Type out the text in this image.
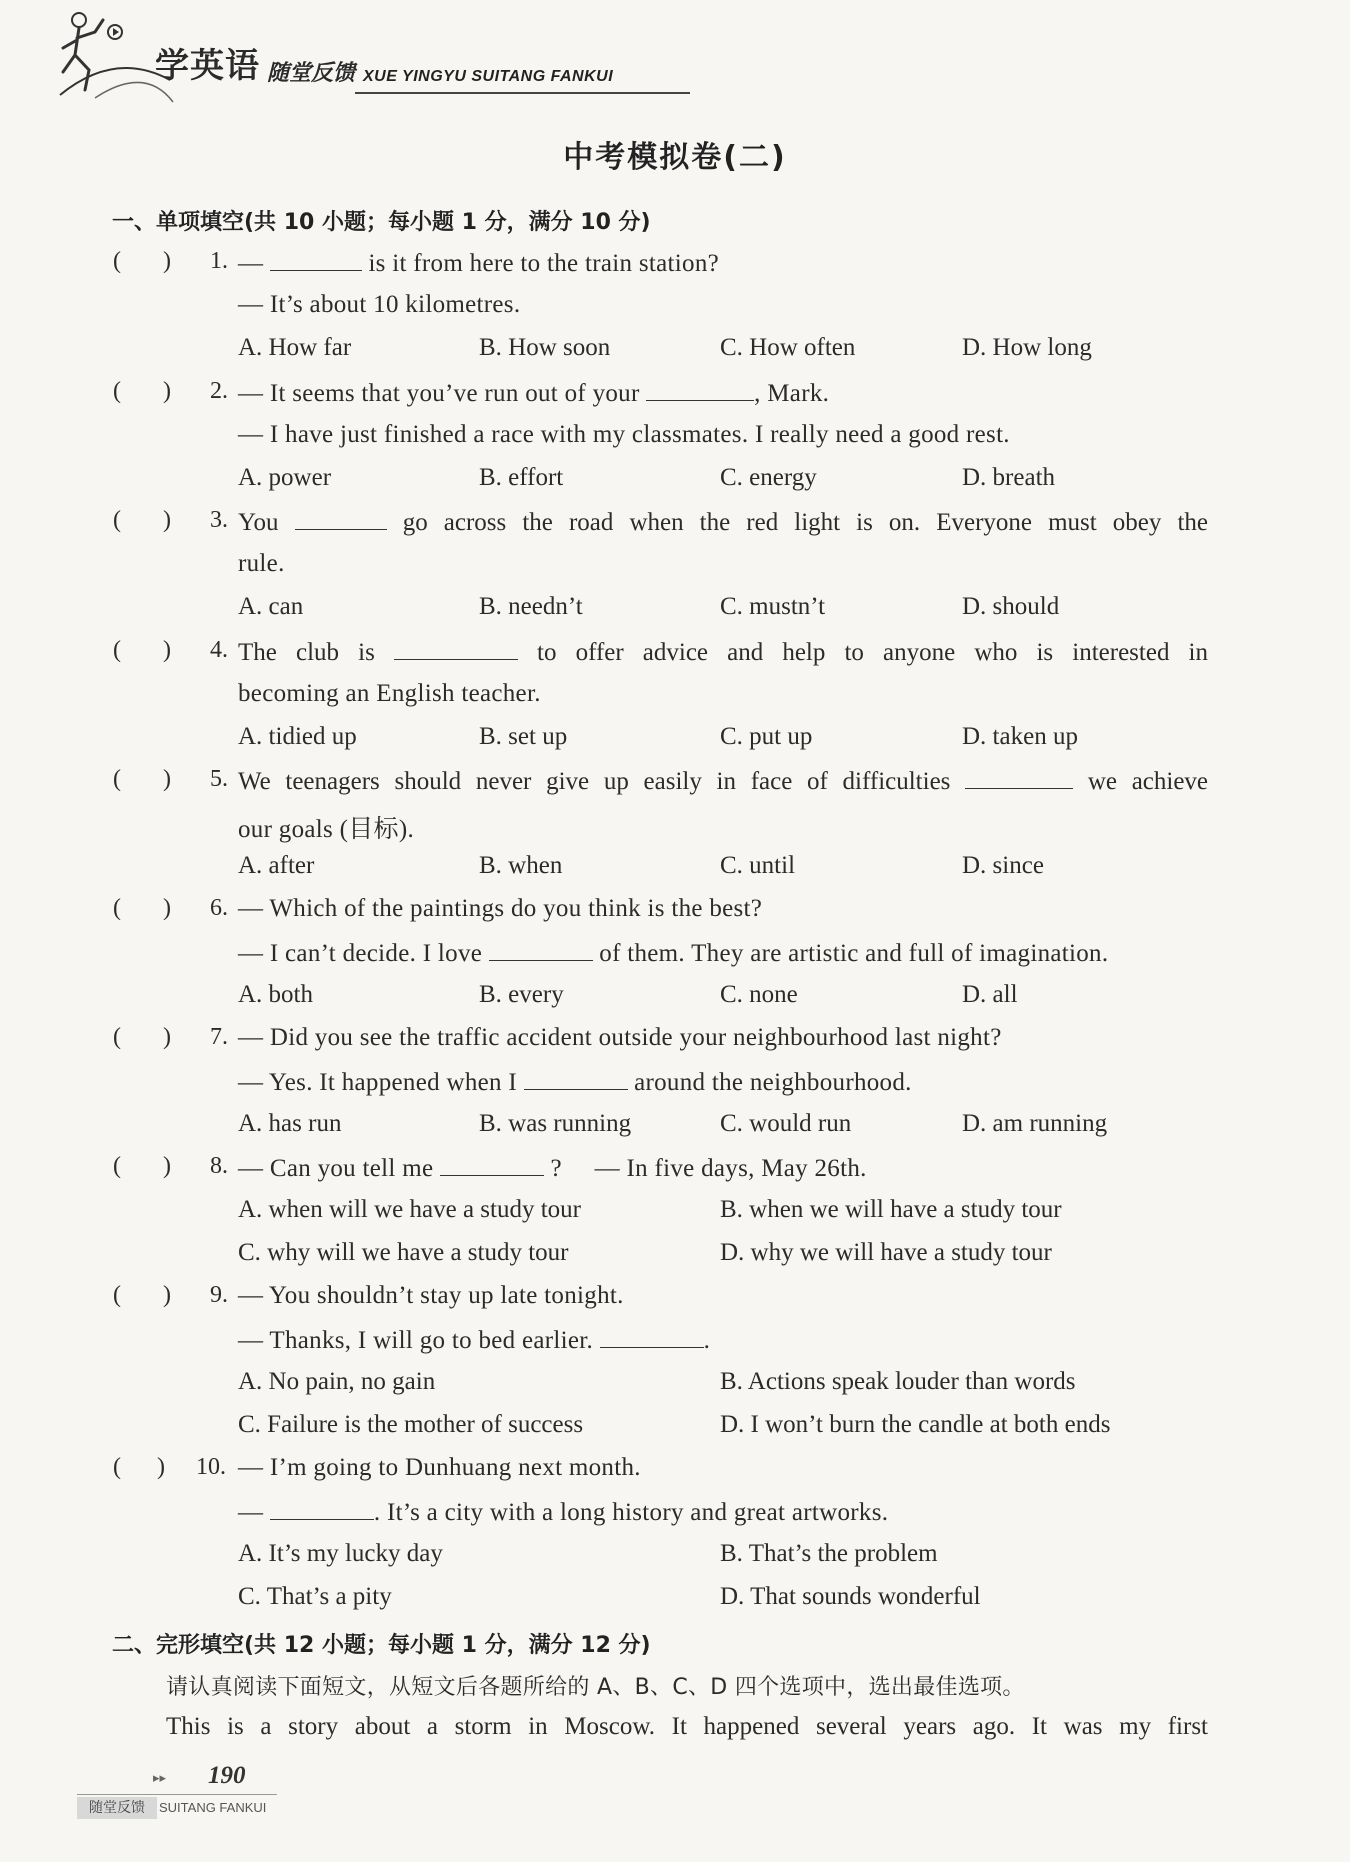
学英语 随堂反馈 XUE YINGYU SUITANG FANKUI
中考模拟卷(二)
一、单项填空(共 10 小题；每小题 1 分，满分 10 分)
(       ) 1. —	is it from here to the train station?
— It’s about 10 kilometres.
A. How far	B. How soon	C. How often	D. How long
(       ) 2. — It seems that you’ve run out of your	, Mark.
— I have just finished a race with my classmates. I really need a good rest.
A. power	B. effort	C. energy	D. breath
(       ) 3. You	go across the road when the red light is on. Everyone must obey the
rule.
A. can	B. needn’t	C. mustn’t	D. should
(       ) 4. The club is	to offer advice and help to anyone who is interested in
becoming an English teacher.
A. tidied up	B. set up	C. put up	D. taken up
(       ) 5. We teenagers should never give up easily in face of difficulties	we achieve
our goals (目标).
A. after	B. when	C. until	D. since
(       ) 6. — Which of the paintings do you think is the best?
— I can’t decide. I love	of them. They are artistic and full of imagination.
A. both	B. every	C. none	D. all
(       ) 7. — Did you see the traffic accident outside your neighbourhood last night?
— Yes. It happened when I	around the neighbourhood.
A. has run	B. was running	C. would run	D. am running
(       ) 8. — Can you tell me	? — In five days, May 26th.
A. when will we have a study tour	B. when we will have a study tour
C. why will we have a study tour	D. why we will have a study tour
(       ) 9. — You shouldn’t stay up late tonight.
— Thanks, I will go to bed earlier.	.
A. No pain, no gain	B. Actions speak louder than words
C. Failure is the mother of success	D. I won’t burn the candle at both ends
(      ) 10. — I’m going to Dunhuang next month.
—	. It’s a city with a long history and great artworks.
A. It’s my lucky day	B. That’s the problem
C. That’s a pity	D. That sounds wonderful
二、完形填空(共 12 小题；每小题 1 分，满分 12 分)
请认真阅读下面短文，从短文后各题所给的 A、B、C、D 四个选项中，选出最佳选项。
This is a story about a storm in Moscow. It happened several years ago. It was my first
▸▸ 190
随堂反馈	SUITANG FANKUI
